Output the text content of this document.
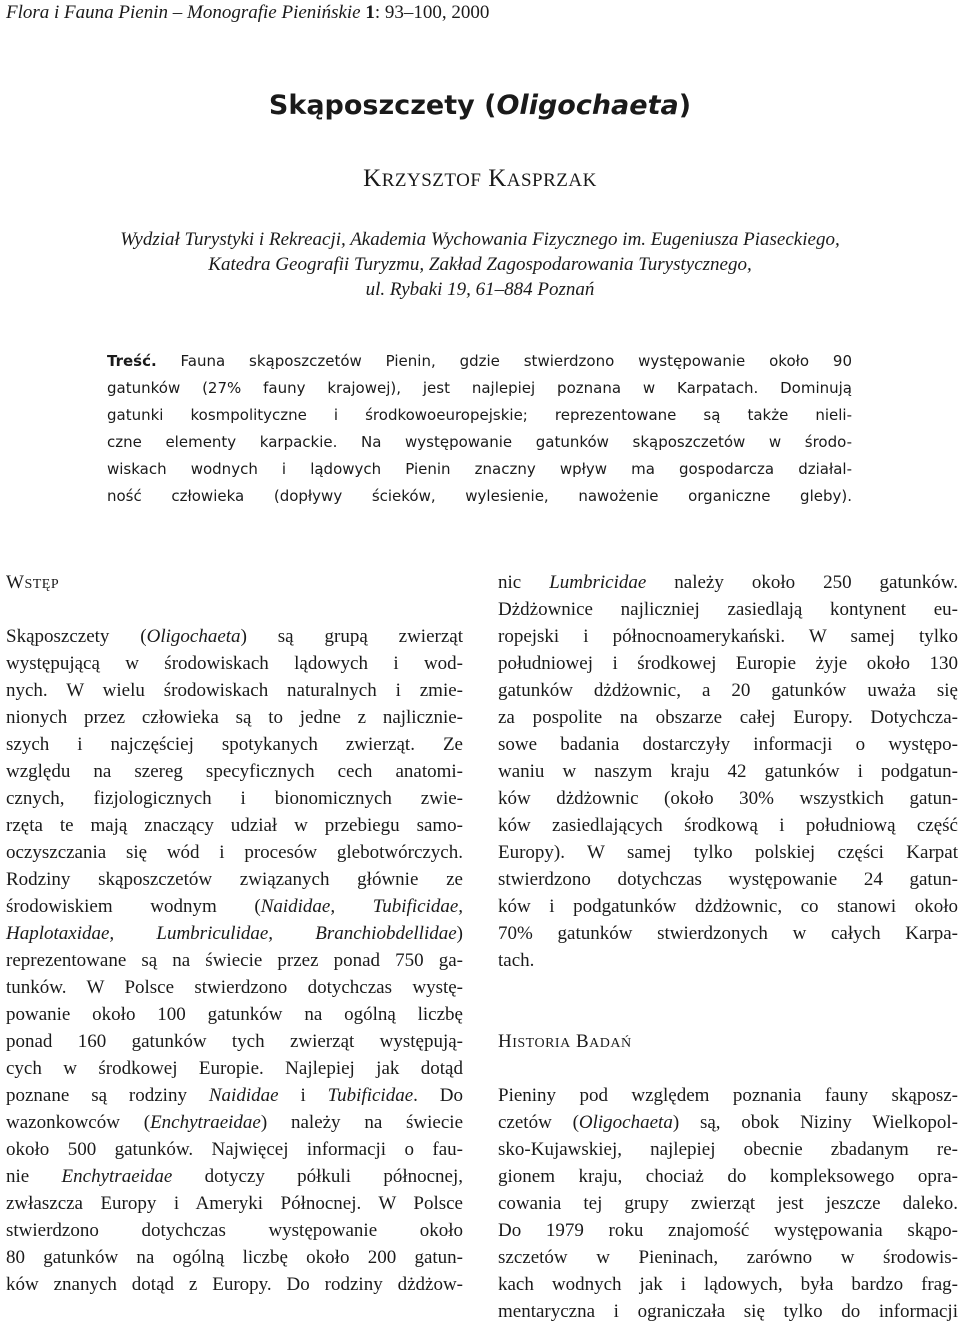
Flora i Fauna Pienin – Monografie Pienińskie 1: 93–100, 2000
Skąposzczety (Oligochaeta)
KRZYSZTOF KASPRZAK
Wydział Turystyki i Rekreacji, Akademia Wychowania Fizycznego im. Eugeniusza Piaseckiego,
Katedra Geografii Turyzmu, Zakład Zagospodarowania Turystycznego,
ul. Rybaki 19, 61–884 Poznań
Treść. Fauna skąposzczetów Pienin, gdzie stwierdzono występowanie około 90
gatunków (27% fauny krajowej), jest najlepiej poznana w Karpatach. Dominują
gatunki kosmpolityczne i środkowoeuropejskie; reprezentowane są także nieli-
czne elementy karpackie. Na występowanie gatunków skąposzczetów w środo-
wiskach wodnych i lądowych Pienin znaczny wpływ ma gospodarcza działal-
ność człowieka (dopływy ścieków, wylesienie, nawożenie organiczne gleby).
WSTĘP
Skąposzczety (Oligochaeta) są grupą zwierząt
występującą w środowiskach lądowych i wod-
nych. W wielu środowiskach naturalnych i zmie-
nionych przez człowieka są to jedne z najlicznie-
szych i najczęściej spotykanych zwierząt. Ze
względu na szereg specyficznych cech anatomi-
cznych, fizjologicznych i bionomicznych zwie-
rzęta te mają znaczący udział w przebiegu samo-
oczyszczania się wód i procesów glebotwórczych.
Rodziny skąposzczetów związanych głównie ze
środowiskiem wodnym (Naididae, Tubificidae,
Haplotaxidae, Lumbriculidae, Branchiobdellidae)
reprezentowane są na świecie przez ponad 750 ga-
tunków. W Polsce stwierdzono dotychczas wystę-
powanie około 100 gatunków na ogólną liczbę
ponad 160 gatunków tych zwierząt występują-
cych w środkowej Europie. Najlepiej jak dotąd
poznane są rodziny Naididae i Tubificidae. Do
wazonkowców (Enchytraeidae) należy na świecie
około 500 gatunków. Najwięcej informacji o fau-
nie Enchytraeidae dotyczy półkuli północnej,
zwłaszcza Europy i Ameryki Północnej. W Polsce
stwierdzono dotychczas występowanie około
80 gatunków na ogólną liczbę około 200 gatun-
ków znanych dotąd z Europy. Do rodziny dżdżow-
nic Lumbricidae należy około 250 gatunków.
Dżdżownice najliczniej zasiedlają kontynent eu-
ropejski i północnoamerykański. W samej tylko
południowej i środkowej Europie żyje około 130
gatunków dżdżownic, a 20 gatunków uważa się
za pospolite na obszarze całej Europy. Dotychcza-
sowe badania dostarczyły informacji o występo-
waniu w naszym kraju 42 gatunków i podgatun-
ków dżdżownic (około 30% wszystkich gatun-
ków zasiedlających środkową i południową część
Europy). W samej tylko polskiej części Karpat
stwierdzono dotychczas występowanie 24 gatun-
ków i podgatunków dżdżownic, co stanowi około
70% gatunków stwierdzonych w całych Karpa-
tach.
HISTORIA BADAŃ
Pieniny pod względem poznania fauny skąposz-
czetów (Oligochaeta) są, obok Niziny Wielkopol-
sko-Kujawskiej, najlepiej obecnie zbadanym re-
gionem kraju, chociaż do kompleksowego opra-
cowania tej grupy zwierząt jest jeszcze daleko.
Do 1979 roku znajomość występowania skąpo-
szczetów w Pieninach, zarówno w środowis-
kach wodnych jak i lądowych, była bardzo frag-
mentaryczna i ograniczała się tylko do informacji
